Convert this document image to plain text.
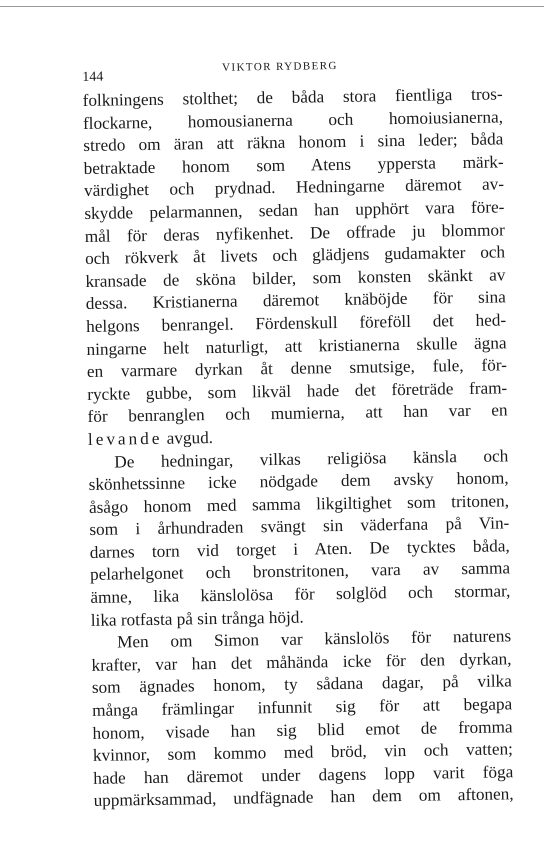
144
VIKTOR RYDBERG
folkningens stolthet; de båda stora fientliga tros-
flockarne, homousianerna och homoiusianerna,
stredo om äran att räkna honom i sina leder; båda
betraktade honom som Atens yppersta märk-
värdighet och prydnad. Hedningarne däremot av-
skydde pelarmannen, sedan han upphört vara före-
mål för deras nyfikenhet. De offrade ju blommor
och rökverk åt livets och glädjens gudamakter och
kransade de sköna bilder, som konsten skänkt av
dessa. Kristianerna däremot knäböjde för sina
helgons benrangel. Fördenskull föreföll det hed-
ningarne helt naturligt, att kristianerna skulle ägna
en varmare dyrkan åt denne smutsige, fule, för-
ryckte gubbe, som likväl hade det företräde fram-
för benranglen och mumierna, att han var en
levande avgud.
De hedningar, vilkas religiösa känsla och
skönhetssinne icke nödgade dem avsky honom,
åsågo honom med samma likgiltighet som tritonen,
som i århundraden svängt sin väderfana på Vin-
darnes torn vid torget i Aten. De tycktes båda,
pelarhelgonet och bronstritonen, vara av samma
ämne, lika känslolösa för solglöd och stormar,
lika rotfasta på sin trånga höjd.
Men om Simon var känslolös för naturens
krafter, var han det måhända icke för den dyrkan,
som ägnades honom, ty sådana dagar, på vilka
många främlingar infunnit sig för att begapa
honom, visade han sig blid emot de fromma
kvinnor, som kommo med bröd, vin och vatten;
hade han däremot under dagens lopp varit föga
uppmärksammad, undfägnade han dem om aftonen,
